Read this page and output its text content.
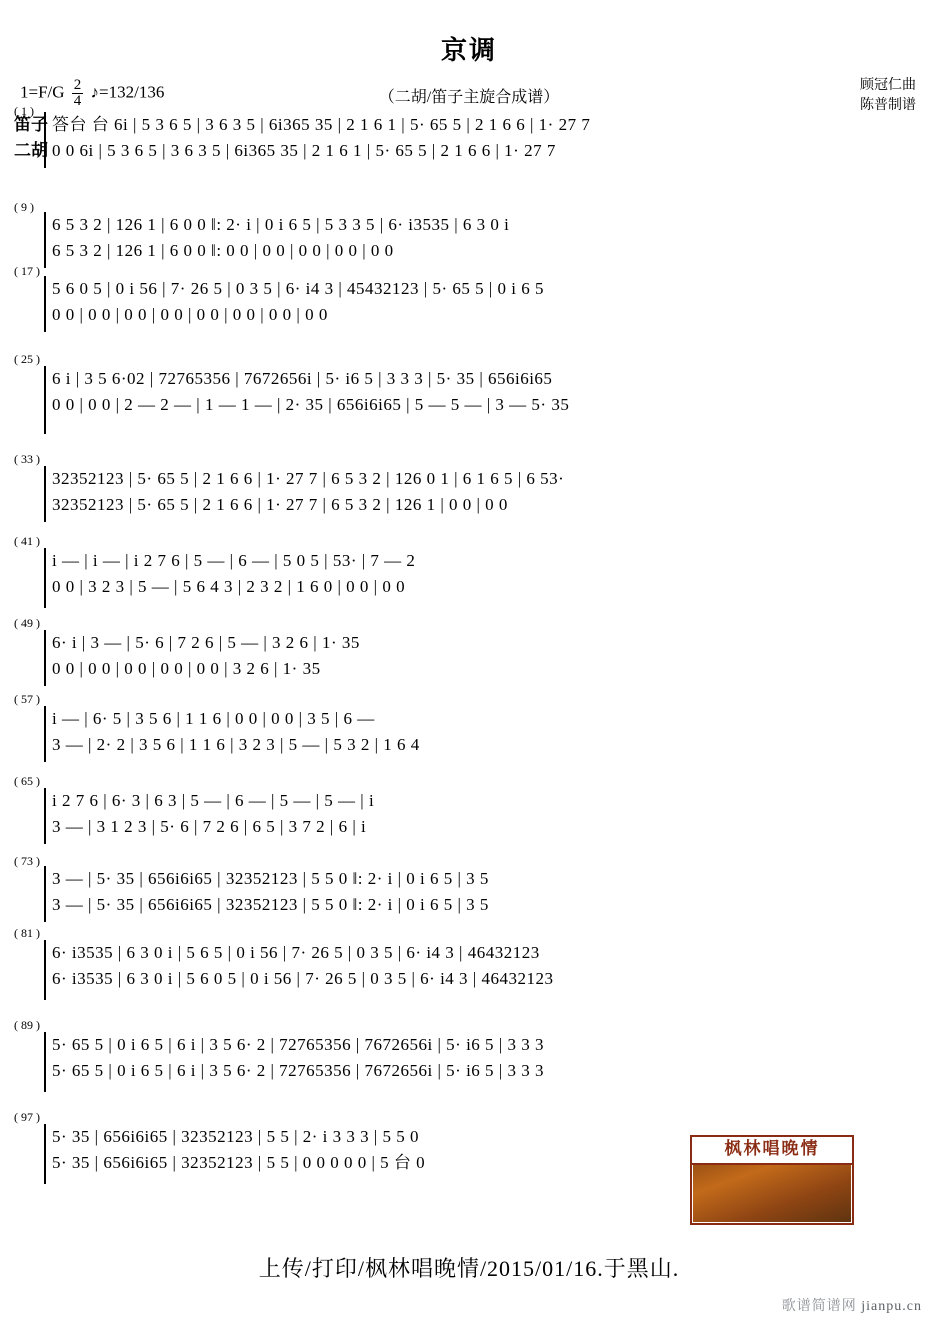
京调
$1=F/G \frac{2}{4}$ ♪=132/136	（二胡/笛子主旋合成谱）
顾冠仁曲
陈普制谱
笛子
二胡
( 1 )
答台 台 6i | 5 3 6 5 | 3 6 3 5 | 6i365 35 | 2 1 6 1 | 5· 65 5 | 2 1 6 6 | 1· 27 7
0 0 6i | 5 3 6 5 | 3 6 3 5 | 6i365 35 | 2 1 6 1 | 5· 65 5 | 2 1 6 6 | 1· 27 7
( 9 )
6 5 3 2 | 126 1 | 6 0 0 ‖: 2· i | 0 i 6 5 | 5 3 3 5 | 6· i3535 | 6 3 0 i
6 5 3 2 | 126 1 | 6 0 0 ‖: 0 0 | 0 0 | 0 0 | 0 0 | 0 0
( 17 )
5 6 0 5 | 0 i 56 | 7· 26 5 | 0 3 5 | 6· i4 3 | 45432123 | 5· 65 5 | 0 i 6 5
0 0 | 0 0 | 0 0 | 0 0 | 0 0 | 0 0 | 0 0 | 0 0
( 25 )
6 i | 3 5 6·02 | 72765356 | 7672656i | 5· i6 5 | 3 3 3 | 5· 35 | 656i6i65
0 0 | 0 0 | 2 — 2 — | 1 — 1 — | 2· 35 | 656i6i65 | 5 — 5 — | 3 — 5· 35
( 33 )
32352123 | 5· 65 5 | 2 1 6 6 | 1· 27 7 | 6 5 3 2 | 126 0 1 | 6 1 6 5 | 6 53·
32352123 | 5· 65 5 | 2 1 6 6 | 1· 27 7 | 6 5 3 2 | 126 1 | 0 0 | 0 0
( 41 )
i — | i — | i 2 7 6 | 5 — | 6 — | 5 0 5 | 53· | 7 — 2
0 0 | 3 2 3 | 5 — | 5 6 4 3 | 2 3 2 | 1 6 0 | 0 0 | 0 0
( 49 )
6· i | 3 — | 5· 6 | 7 2 6 | 5 — | 3 2 6 | 1· 35
0 0 | 0 0 | 0 0 | 0 0 | 0 0 | 3 2 6 | 1· 35
( 57 )
i — | 6· 5 | 3 5 6 | 1 1 6 | 0 0 | 0 0 | 3 5 | 6 —
3 — | 2· 2 | 3 5 6 | 1 1 6 | 3 2 3 | 5 — | 5 3 2 | 1 6 4
( 65 )
i 2 7 6 | 6· 3 | 6 3 | 5 — | 6 — | 5 — | 5 — | i
3 — | 3 1 2 3 | 5· 6 | 7 2 6 | 6 5 | 3 7 2 | 6 | i
( 73 )
3 — | 5· 35 | 656i6i65 | 32352123 | 5 5 0 ‖: 2· i | 0 i 6 5 | 3 5
3 — | 5· 35 | 656i6i65 | 32352123 | 5 5 0 ‖: 2· i | 0 i 6 5 | 3 5
( 81 )
6· i3535 | 6 3 0 i | 5 6 5 | 0 i 56 | 7· 26 5 | 0 3 5 | 6· i4 3 | 46432123
6· i3535 | 6 3 0 i | 5 6 0 5 | 0 i 56 | 7· 26 5 | 0 3 5 | 6· i4 3 | 46432123
( 89 )
5· 65 5 | 0 i 6 5 | 6 i | 3 5 6· 2 | 72765356 | 7672656i | 5· i6 5 | 3 3 3
5· 65 5 | 0 i 6 5 | 6 i | 3 5 6· 2 | 72765356 | 7672656i | 5· i6 5 | 3 3 3
( 97 )
5· 35 | 656i6i65 | 32352123 | 5 5 | 2· i 3 3 3 | 5 5 0
5· 35 | 656i6i65 | 32352123 | 5 5 | 0 0 0 0 0 | 5 台 0
枫林唱晚情
上传/打印/枫林唱晚情/2015/01/16.于黑山.
歌谱简谱网 jianpu.cn
